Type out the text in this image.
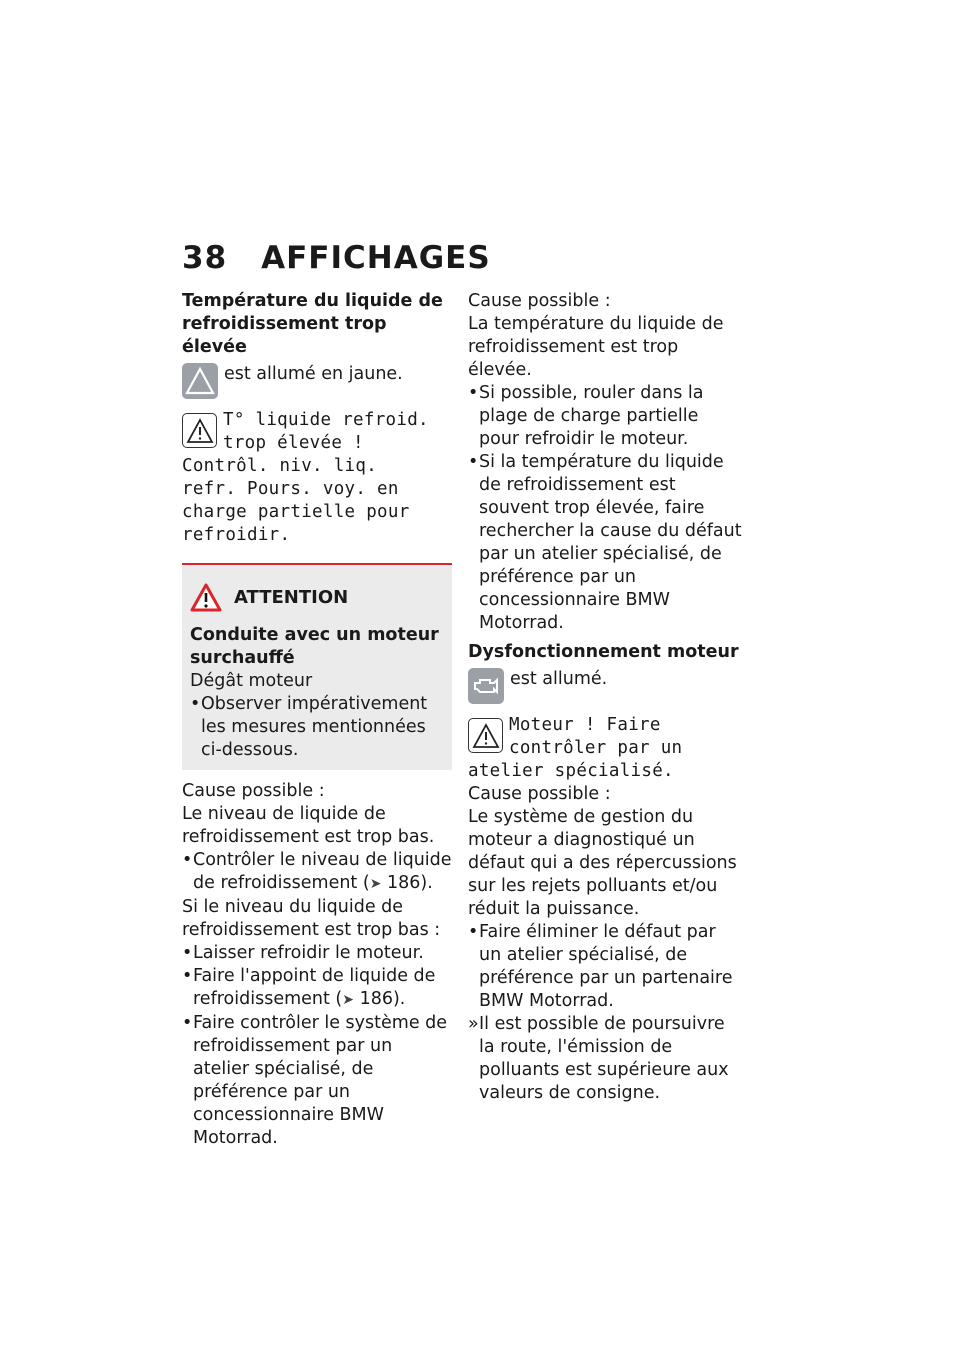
38 AFFICHAGES
Température du liquide de refroidissement trop élevée

est allumé en jaune.

T° liquide refroid.
trop élevée !
Contrôl. niv. liq. refr. Pours. voy. en charge partielle pour refroidir.
ATTENTION
Conduite avec un moteur surchauffé

Dégât moteur

• Observer impérativement les mesures mentionnées ci-dessous.

Cause possible :

Le niveau de liquide de refroidissement est trop bas.

• Contrôler le niveau de liquide de refroidissement (➤ 186).

Si le niveau du liquide de refroidissement est trop bas :

• Laisser refroidir le moteur.
• Faire l'appoint de liquide de refroidissement (➤ 186).
• Faire contrôler le système de refroidissement par un atelier spécialisé, de préférence par un concessionnaire BMW Motorrad.

Cause possible :

La température du liquide de refroidissement est trop élevée.

• Si possible, rouler dans la plage de charge partielle pour refroidir le moteur.
• Si la température du liquide de refroidissement est souvent trop élevée, faire rechercher la cause du défaut par un atelier spécialisé, de préférence par un concessionnaire BMW Motorrad.
Dysfonctionnement moteur

est allumé.

Moteur ! Faire
contrôler par un
atelier spécialisé.

Cause possible :

Le système de gestion du moteur a diagnostiqué un défaut qui a des répercussions sur les rejets polluants et/ou réduit la puissance.

• Faire éliminer le défaut par un atelier spécialisé, de préférence par un partenaire BMW Motorrad.
» Il est possible de poursuivre la route, l'émission de polluants est supérieure aux valeurs de consigne.
